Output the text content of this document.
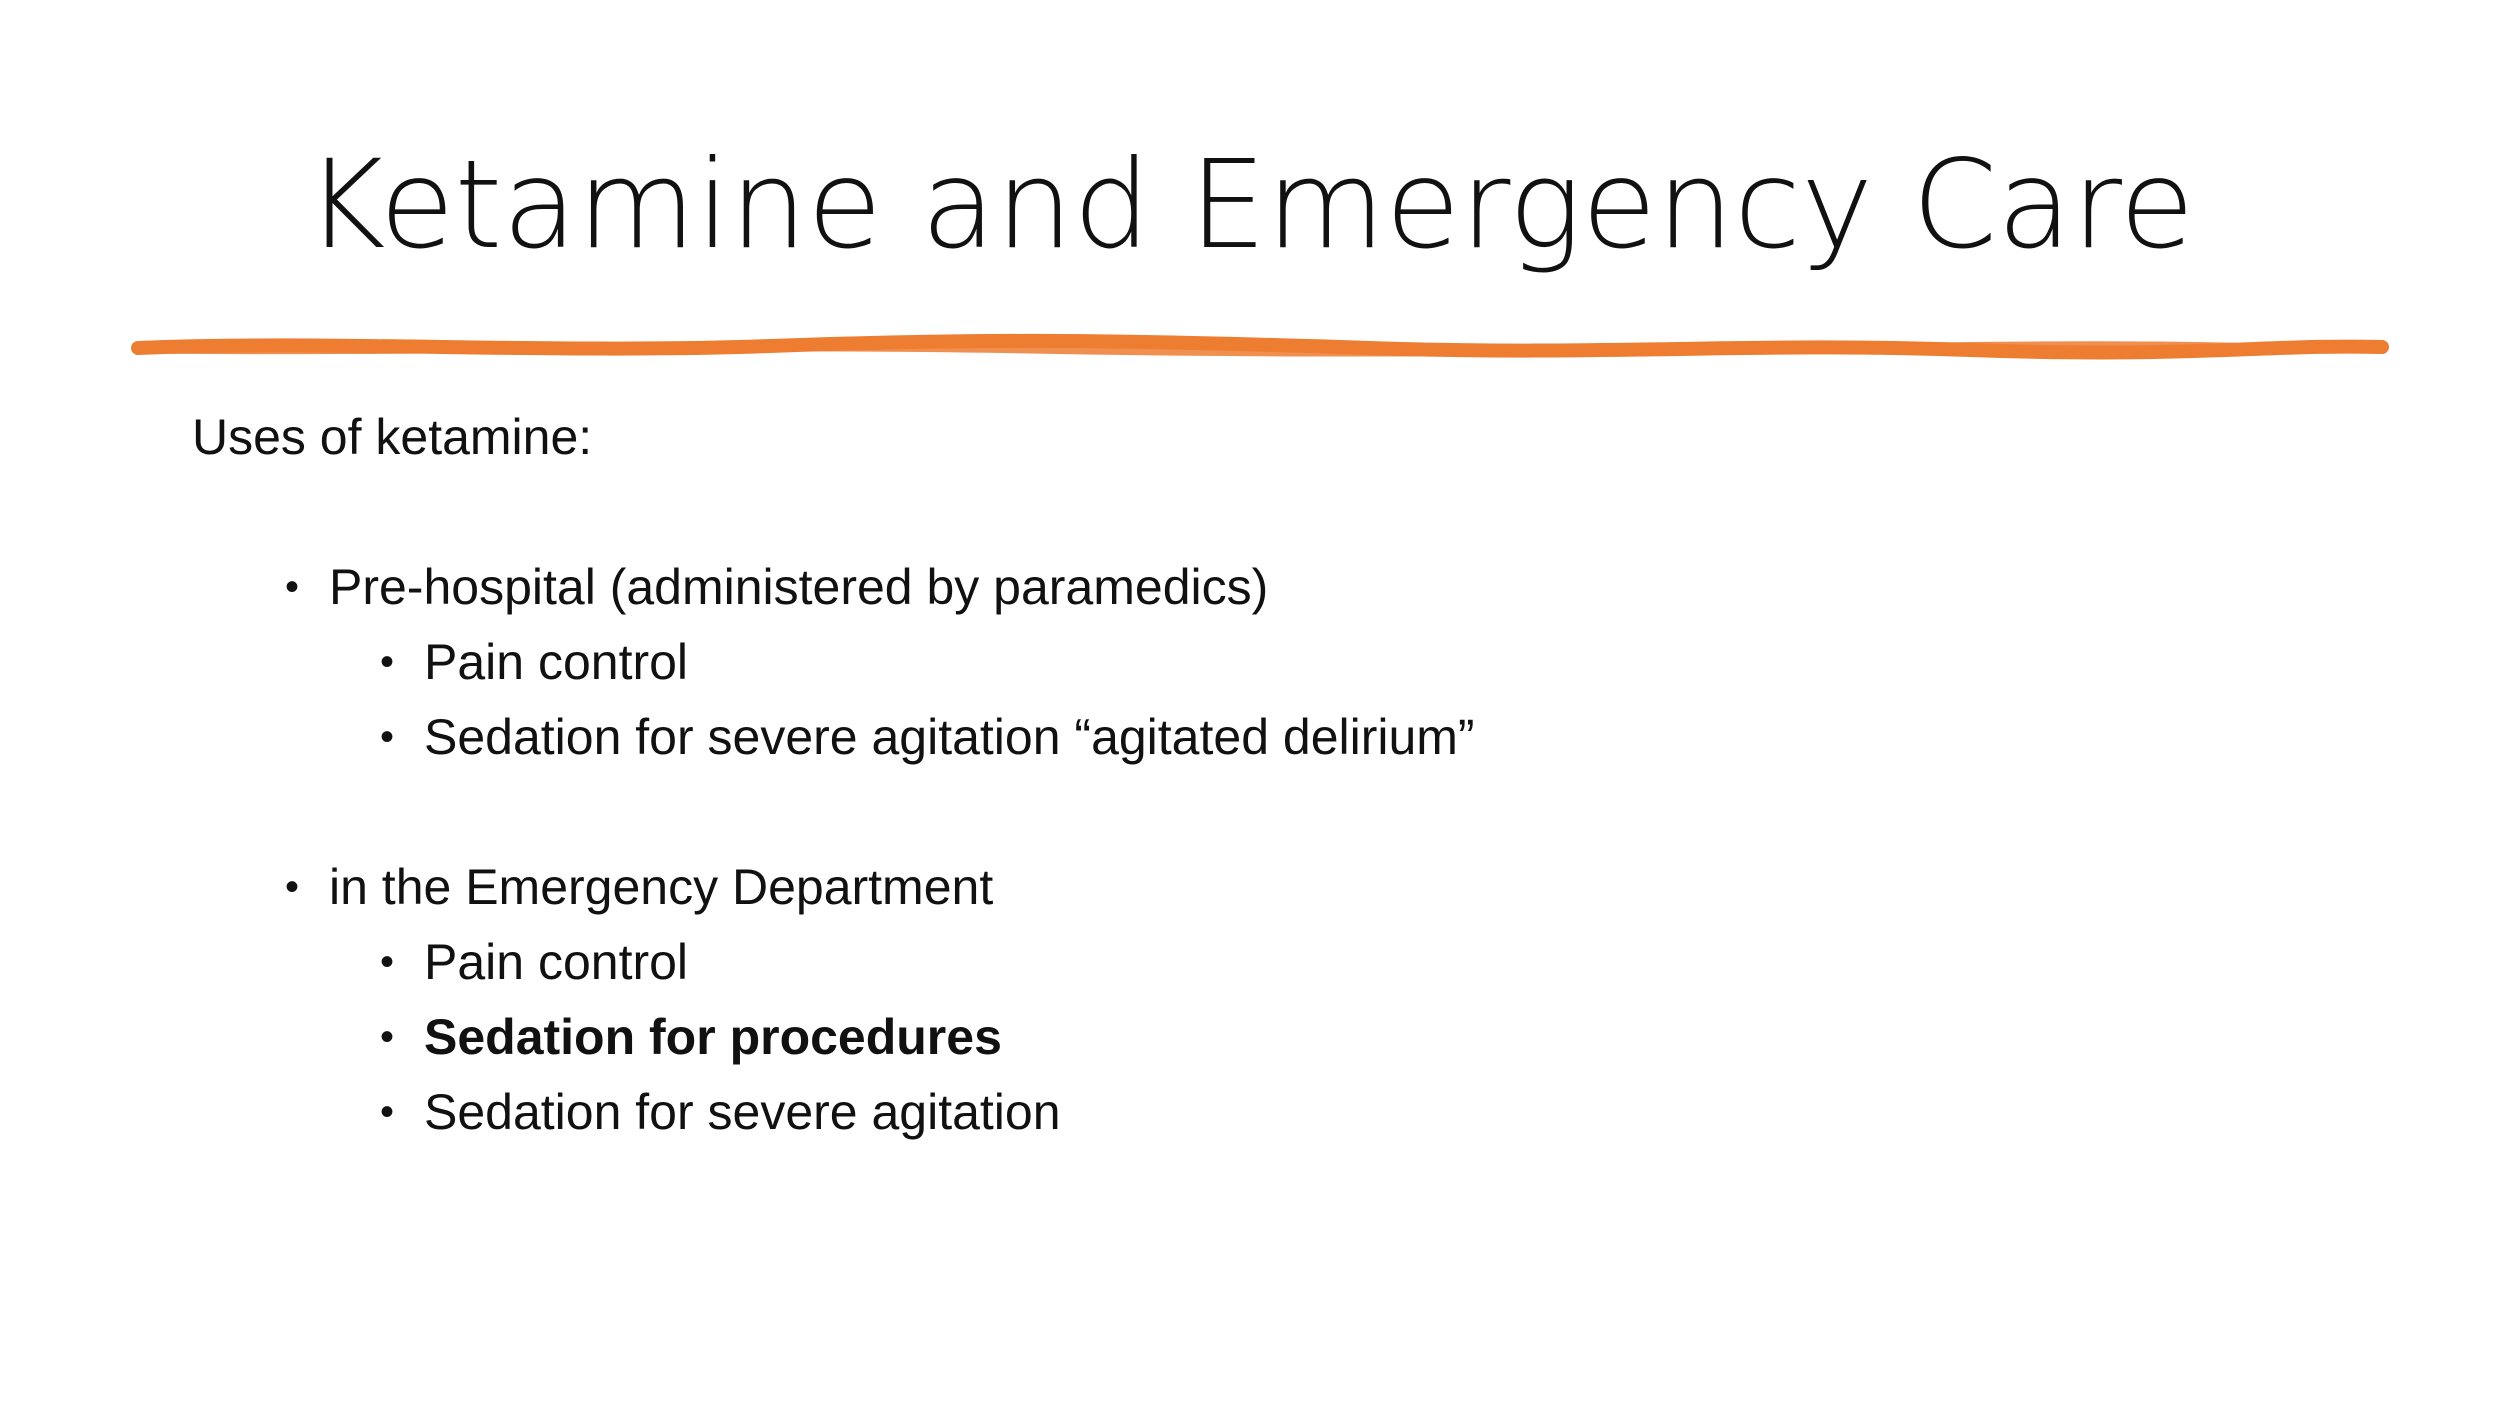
Ketamine and Emergency Care
Uses of ketamine:
• Pre-hospital (administered by paramedics)
• Pain control
• Sedation for severe agitation “agitated delirium”
• in the Emergency Department
• Pain control
• Sedation for procedures
• Sedation for severe agitation
